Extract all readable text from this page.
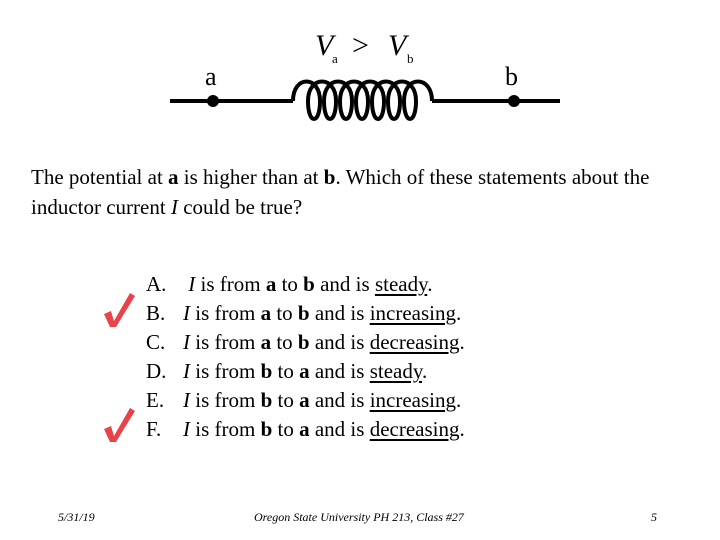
V
a > V b
a	b
The potential at a is higher than at b. Which of these statements about the inductor current I could be true?
A.	I is from a to b and is steady.
B. I is from a to b and is increasing.
C. I is from a to b and is decreasing.
D. I is from b to a and is steady.
E. I is from b to a and is increasing.
F.	I is from b to a and is decreasing.
5/31/19	Oregon State University PH 213, Class #27	5
